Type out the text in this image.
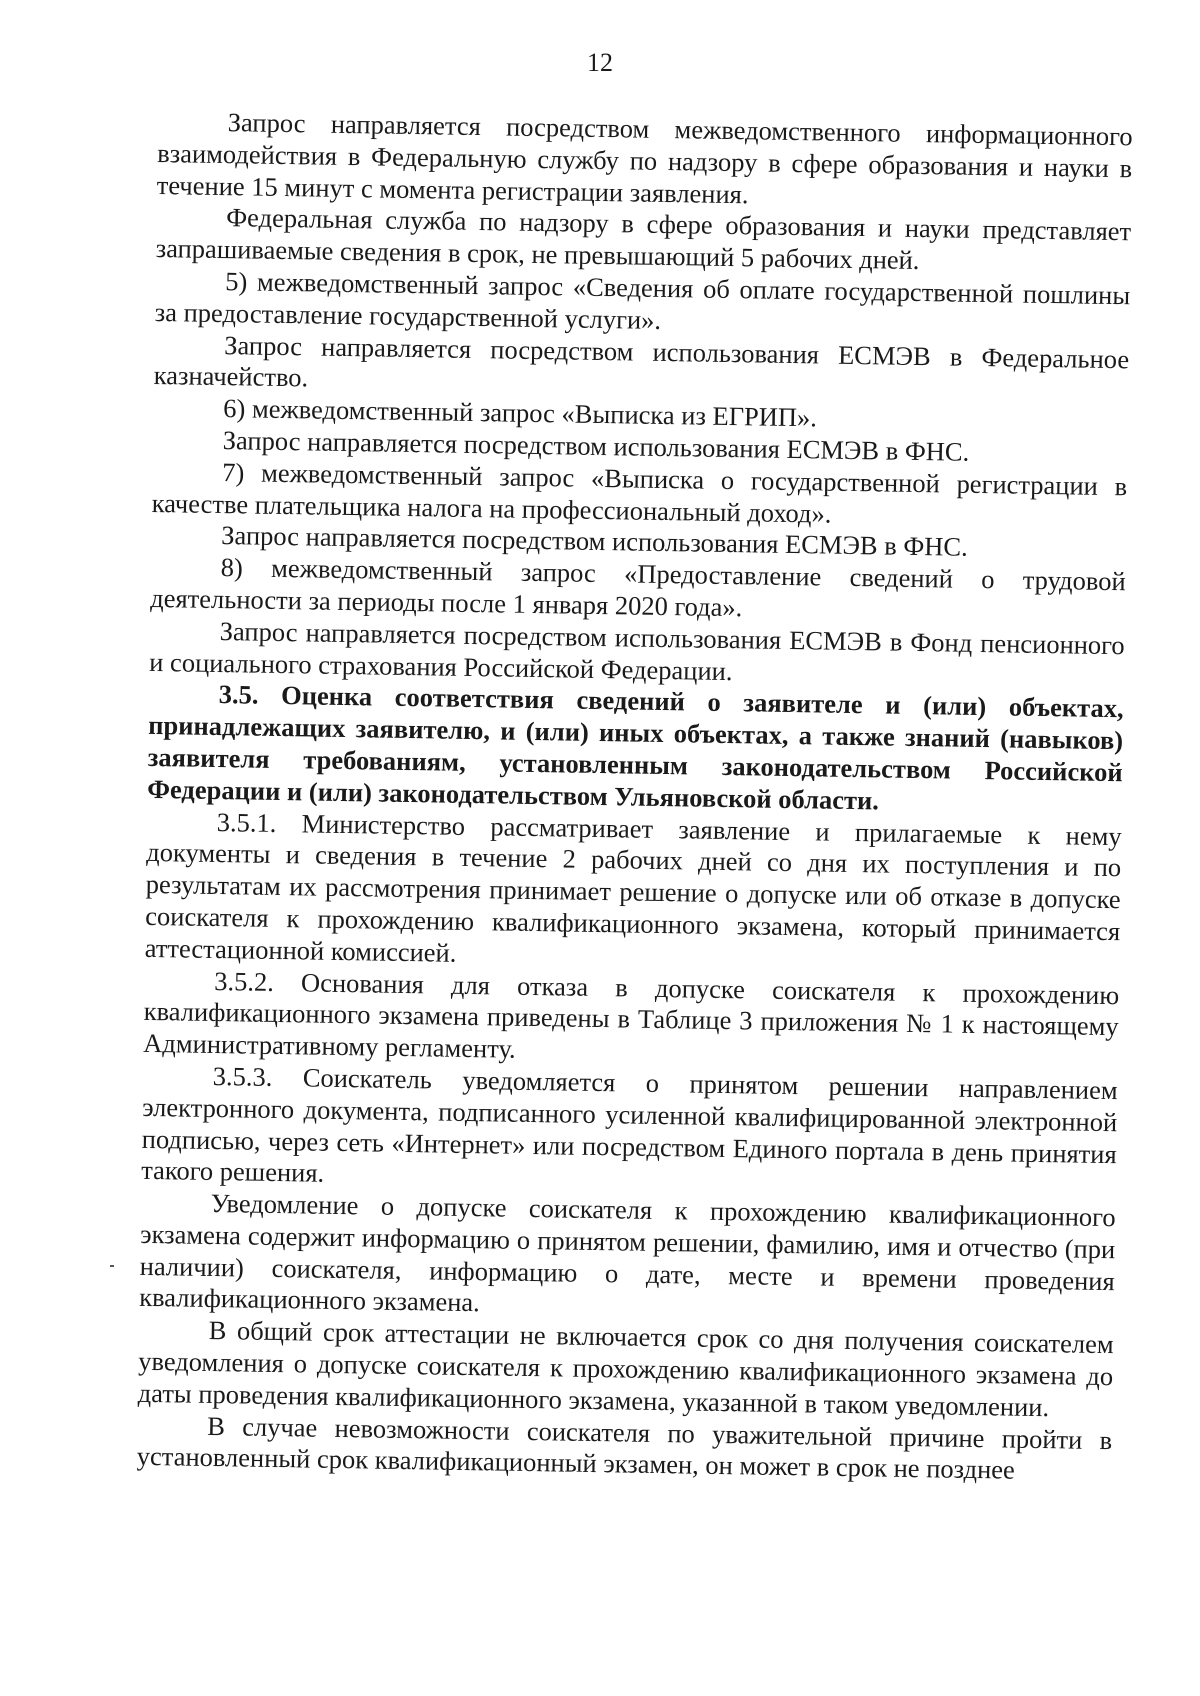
12

Запрос направляется посредством межведомственного информационного взаимодействия в Федеральную службу по надзору в сфере образования и науки в течение 15 минут с момента регистрации заявления.

Федеральная служба по надзору в сфере образования и науки представляет запрашиваемые сведения в срок, не превышающий 5 рабочих дней.

5) межведомственный запрос «Сведения об оплате государственной пошлины за предоставление государственной услуги».

Запрос направляется посредством использования ЕСМЭВ в Федеральное казначейство.

6) межведомственный запрос «Выписка из ЕГРИП».

Запрос направляется посредством использования ЕСМЭВ в ФНС.

7) межведомственный запрос «Выписка о государственной регистрации в качестве плательщика налога на профессиональный доход».

Запрос направляется посредством использования ЕСМЭВ в ФНС.

8) межведомственный запрос «Предоставление сведений о трудовой деятельности за периоды после 1 января 2020 года».

Запрос направляется посредством использования ЕСМЭВ в Фонд пенсионного и социального страхования Российской Федерации.

3.5. Оценка соответствия сведений о заявителе и (или) объектах, принадлежащих заявителю, и (или) иных объектах, а также знаний (навыков) заявителя требованиям, установленным законодательством Российской Федерации и (или) законодательством Ульяновской области.

3.5.1. Министерство рассматривает заявление и прилагаемые к нему документы и сведения в течение 2 рабочих дней со дня их поступления и по результатам их рассмотрения принимает решение о допуске или об отказе в допуске соискателя к прохождению квалификационного экзамена, который принимается аттестационной комиссией.

3.5.2. Основания для отказа в допуске соискателя к прохождению квалификационного экзамена приведены в Таблице 3 приложения № 1 к настоящему Административному регламенту.

3.5.3. Соискатель уведомляется о принятом решении направлением электронного документа, подписанного усиленной квалифицированной электронной подписью, через сеть «Интернет» или посредством Единого портала в день принятия такого решения.

Уведомление о допуске соискателя к прохождению квалификационного экзамена содержит информацию о принятом решении, фамилию, имя и отчество (при наличии) соискателя, информацию о дате, месте и времени проведения квалификационного экзамена.

В общий срок аттестации не включается срок со дня получения соискателем уведомления о допуске соискателя к прохождению квалификационного экзамена до даты проведения квалификационного экзамена, указанной в таком уведомлении.

В случае невозможности соискателя по уважительной причине пройти в установленный срок квалификационный экзамен, он может в срок не позднее
